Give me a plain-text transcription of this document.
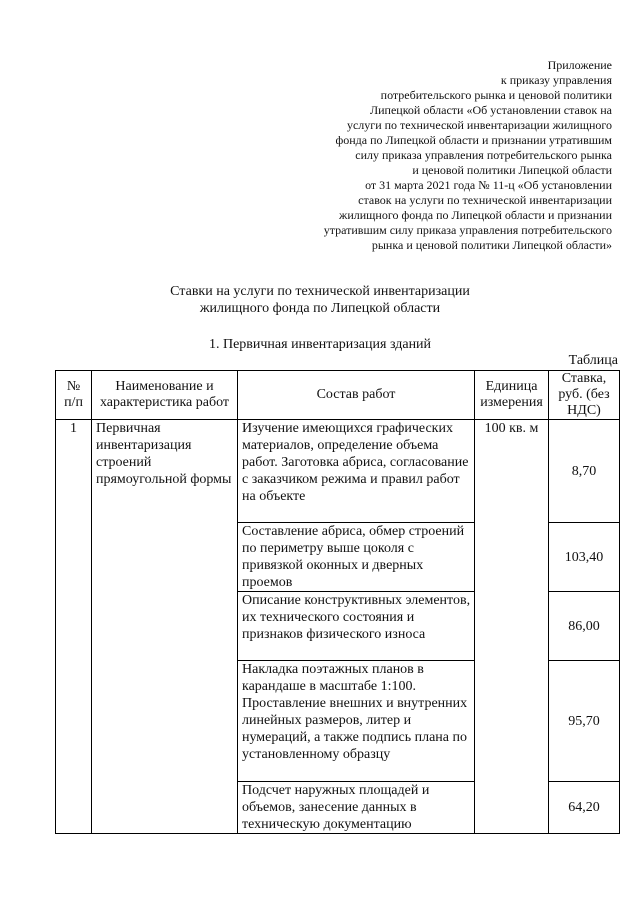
Приложение
к приказу управления
потребительского рынка и ценовой политики
Липецкой области «Об установлении ставок на
услуги по технической инвентаризации жилищного
фонда по Липецкой области и признании утратившим
силу приказа управления потребительского рынка
и ценовой политики Липецкой области
от 31 марта 2021 года № 11-ц «Об установлении
ставок на услуги по технической инвентаризации
жилищного фонда по Липецкой области и признании
утратившим силу приказа управления потребительского
рынка и ценовой политики Липецкой области»
Ставки на услуги по технической инвентаризации
жилищного фонда по Липецкой области
1. Первичная инвентаризация зданий
Таблица
№ п/п	Наименование и характеристика работ	Состав работ	Единица измерения	Ставка, руб. (без НДС)
1	Первичная инвентаризация строений прямоугольной формы	Изучение имеющихся графических материалов, определение объема работ. Заготовка абриса, согласование с заказчиком режима и правил работ на объекте	100 кв. м	8,70
		Составление абриса, обмер строений по периметру выше цоколя с привязкой оконных и дверных проемов		103,40
		Описание конструктивных элементов, их технического состояния и признаков физического износа		86,00
		Накладка поэтажных планов в карандаше в масштабе 1:100. Проставление внешних и внутренних линейных размеров, литер и нумераций, а также подпись плана по установленному образцу		95,70
		Подсчет наружных площадей и объемов, занесение данных в техническую документацию		64,20
